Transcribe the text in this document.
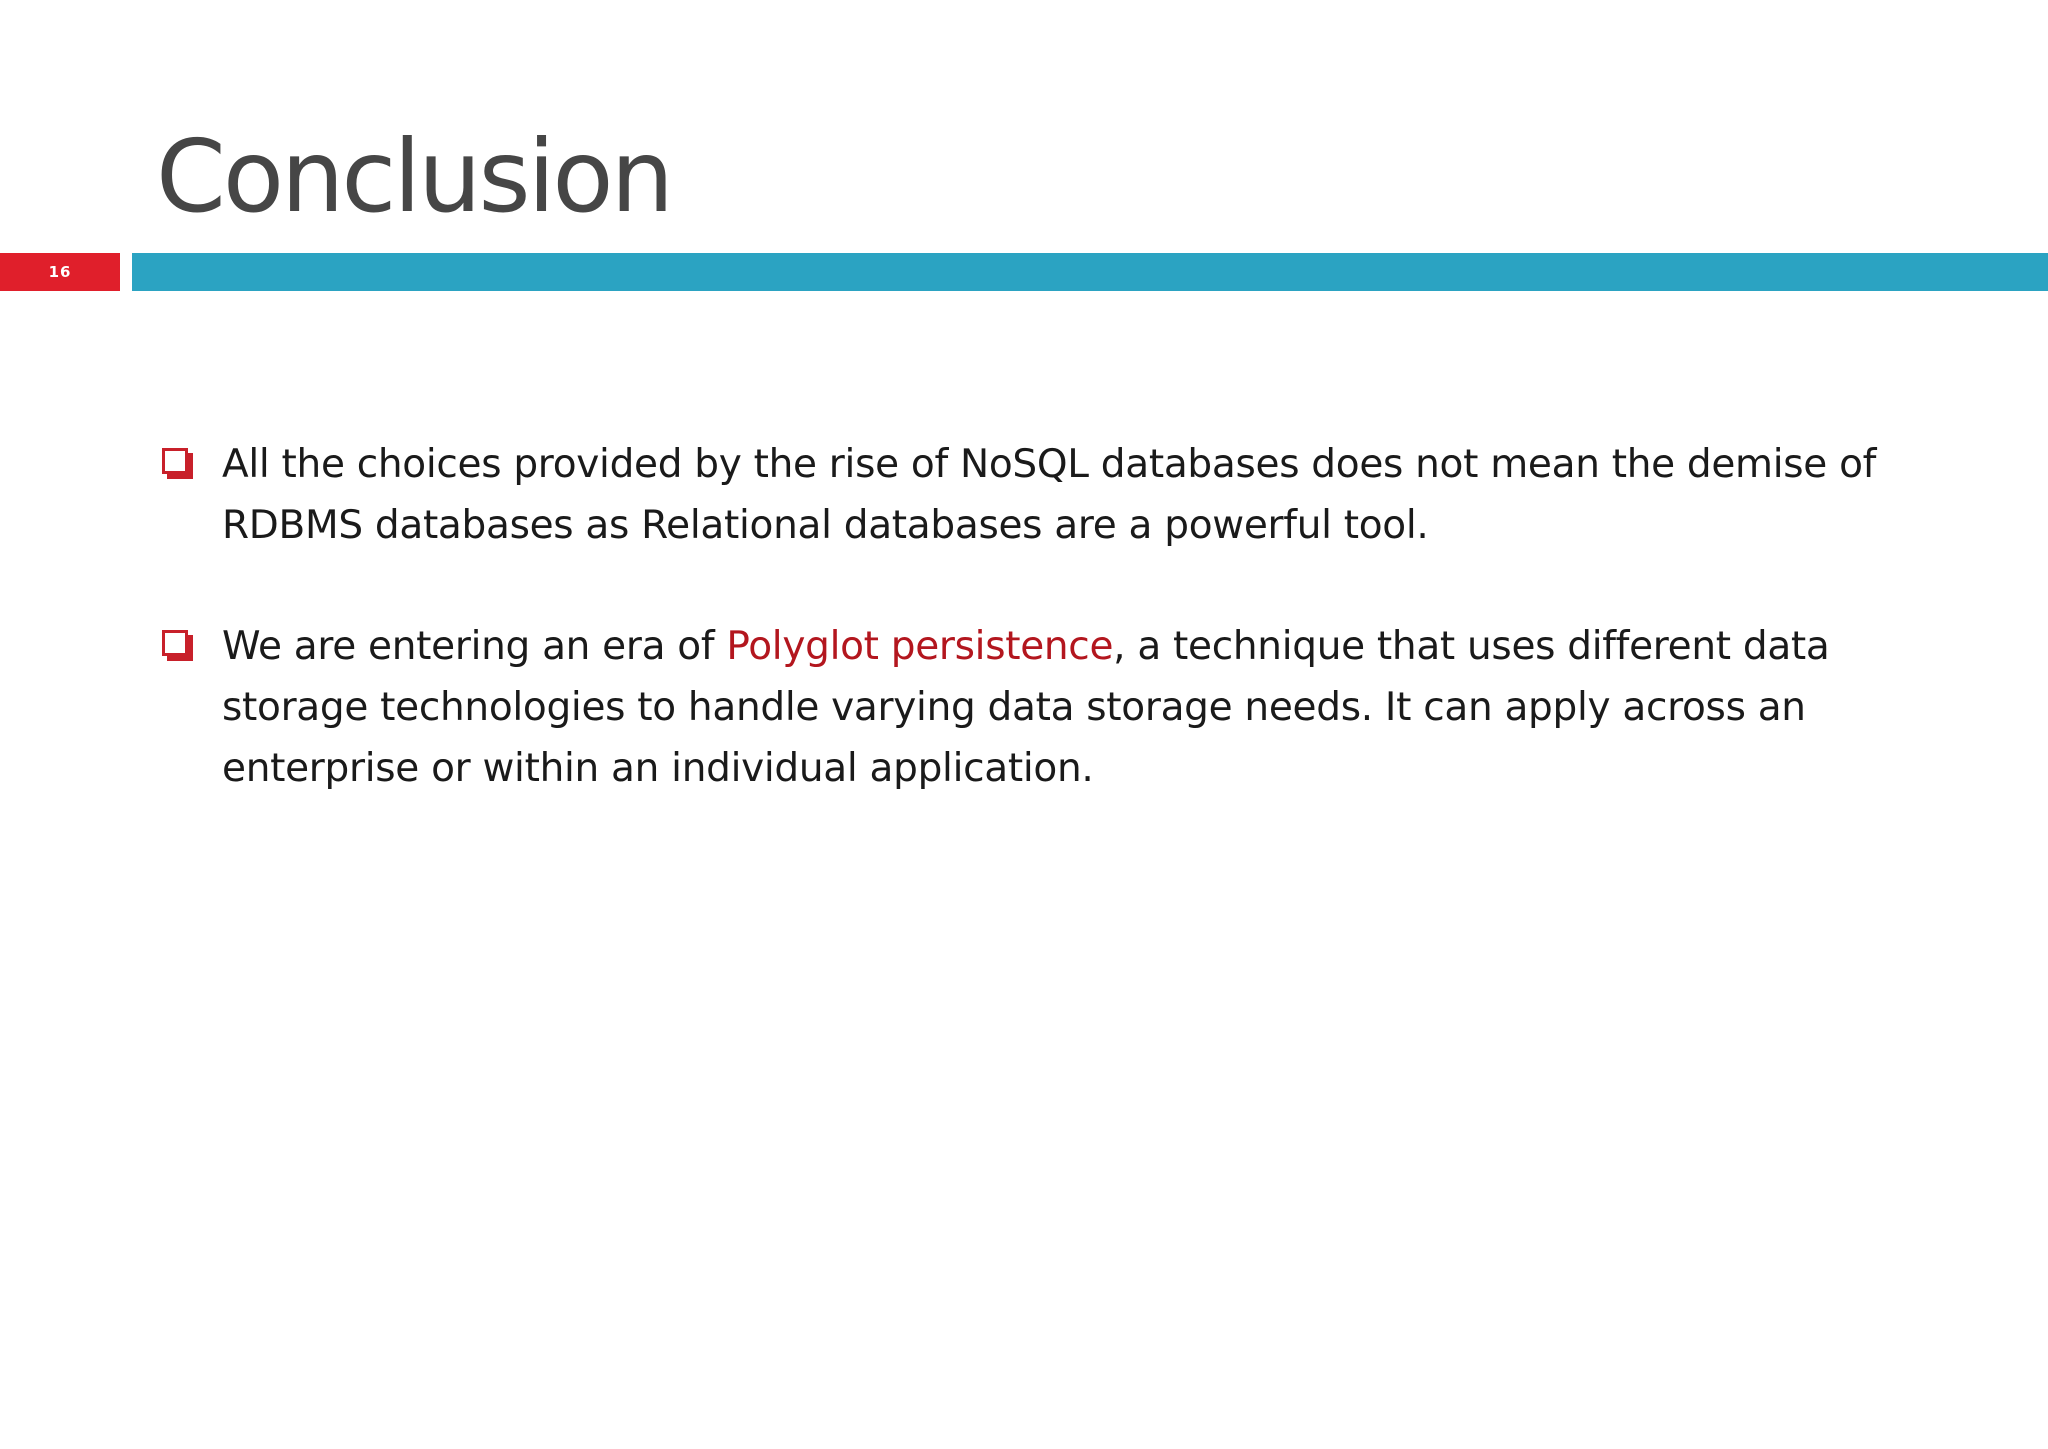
Conclusion
16
All the choices provided by the rise of NoSQL databases does not mean the demise of RDBMS databases as Relational databases are a powerful tool.
We are entering an era of Polyglot persistence, a technique that uses different data storage technologies to handle varying data storage needs. It can apply across an enterprise or within an individual application.
